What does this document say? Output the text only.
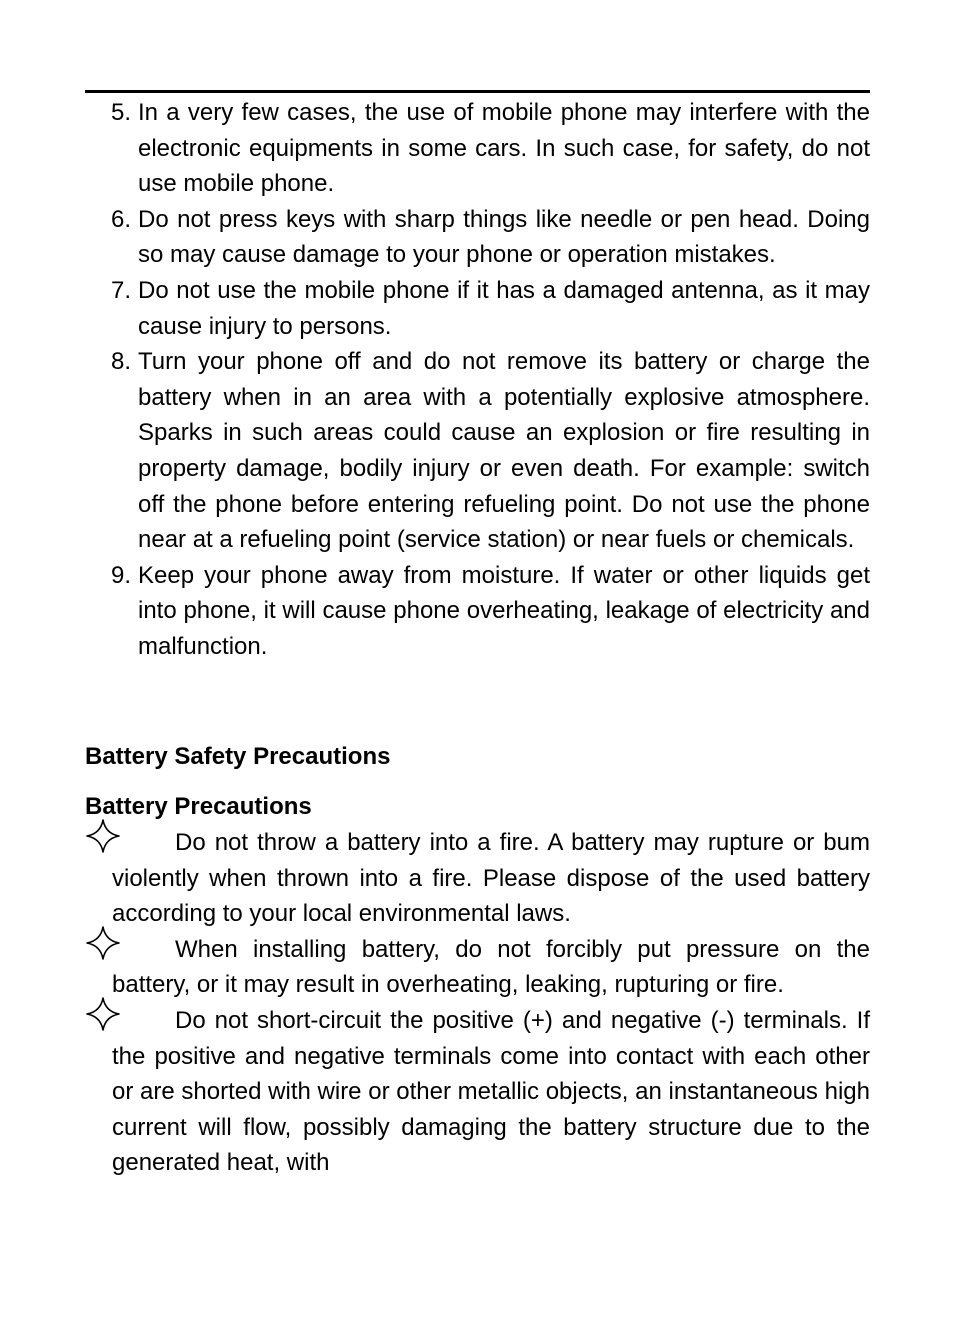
5. In a very few cases, the use of mobile phone may interfere with the electronic equipments in some cars. In such case, for safety, do not use mobile phone.
6. Do not press keys with sharp things like needle or pen head. Doing so may cause damage to your phone or operation mistakes.
7. Do not use the mobile phone if it has a damaged antenna, as it may cause injury to persons.
8. Turn your phone off and do not remove its battery or charge the battery when in an area with a potentially explosive atmosphere. Sparks in such areas could cause an explosion or fire resulting in property damage, bodily injury or even death. For example: switch off the phone before entering refueling point. Do not use the phone near at a refueling point (service station) or near fuels or chemicals.
9. Keep your phone away from moisture. If water or other liquids get into phone, it will cause phone overheating, leakage of electricity and malfunction.
Battery Safety Precautions
Battery Precautions
Do not throw a battery into a fire. A battery may rupture or bum violently when thrown into a fire. Please dispose of the used battery according to your local environmental laws.
When installing battery, do not forcibly put pressure on the battery, or it may result in overheating, leaking, rupturing or fire.
Do not short-circuit the positive (+) and negative (-) terminals. If the positive and negative terminals come into contact with each other or are shorted with wire or other metallic objects, an instantaneous high current will flow, possibly damaging the battery structure due to the generated heat, with
